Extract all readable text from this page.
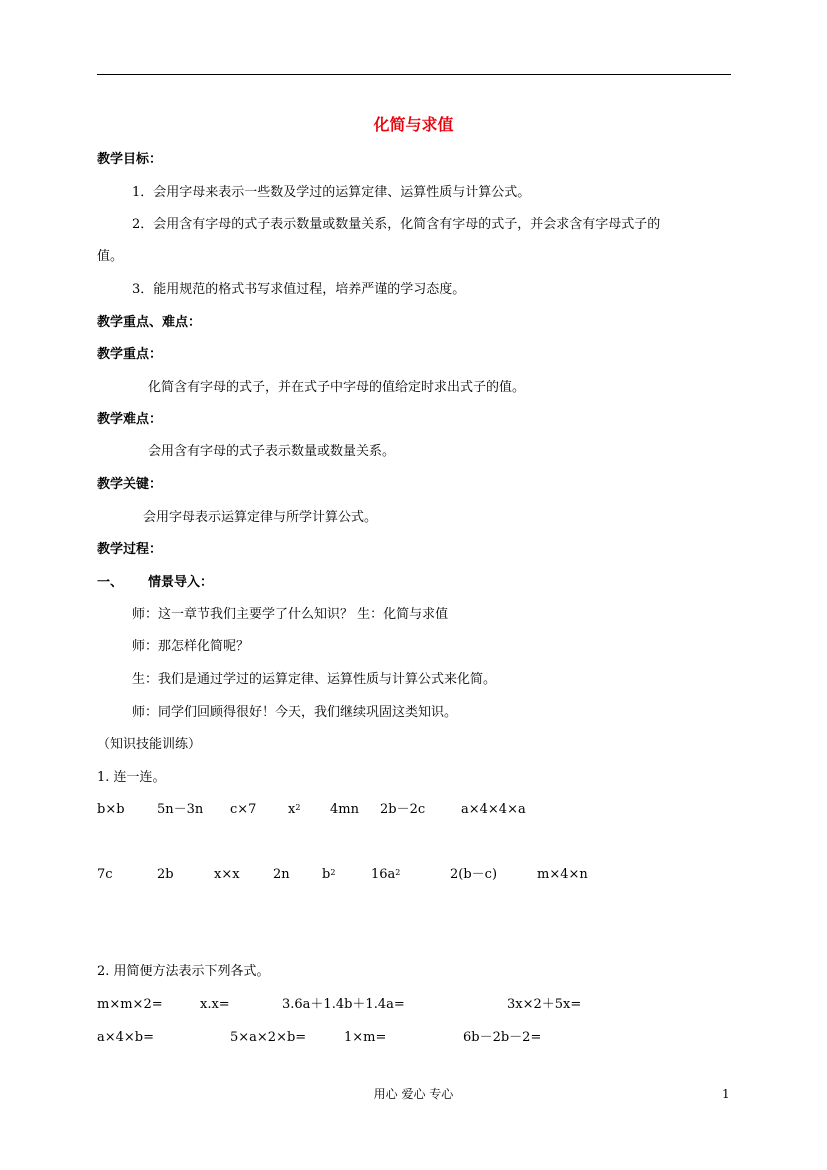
化简与求值
教学目标：
1．会用字母来表示一些数及学过的运算定律、运算性质与计算公式。
2．会用含有字母的式子表示数量或数量关系，化简含有字母的式子，并会求含有字母式子的
值。
3．能用规范的格式书写求值过程，培养严谨的学习态度。
教学重点、难点：
教学重点：
化简含有字母的式子，并在式子中字母的值给定时求出式子的值。
教学难点：
会用含有字母的式子表示数量或数量关系。
教学关键：
会用字母表示运算定律与所学计算公式。
教学过程：
一、 情景导入：
师：这一章节我们主要学了什么知识？ 生：化简与求值
师：那怎样化简呢？
生：我们是通过学过的运算定律、运算性质与计算公式来化简。
师：同学们回顾得很好！今天，我们继续巩固这类知识。
（知识技能训练）
1. 连一连。
b×b 5n－3n c×7 $x^2$ 4mn 2b－2c	a×4×4×a
7c	2b	x×x	2n $b^2$	$16a^2$	2(b－c)	m×4×n
2. 用简便方法表示下列各式。
m×m×2=	x.x=	3.6a＋1.4b＋1.4a=	3x×2＋5x=
a×4×b=	5×a×2×b=	1×m=	6b－2b－2=
用心 爱心 专心	1
